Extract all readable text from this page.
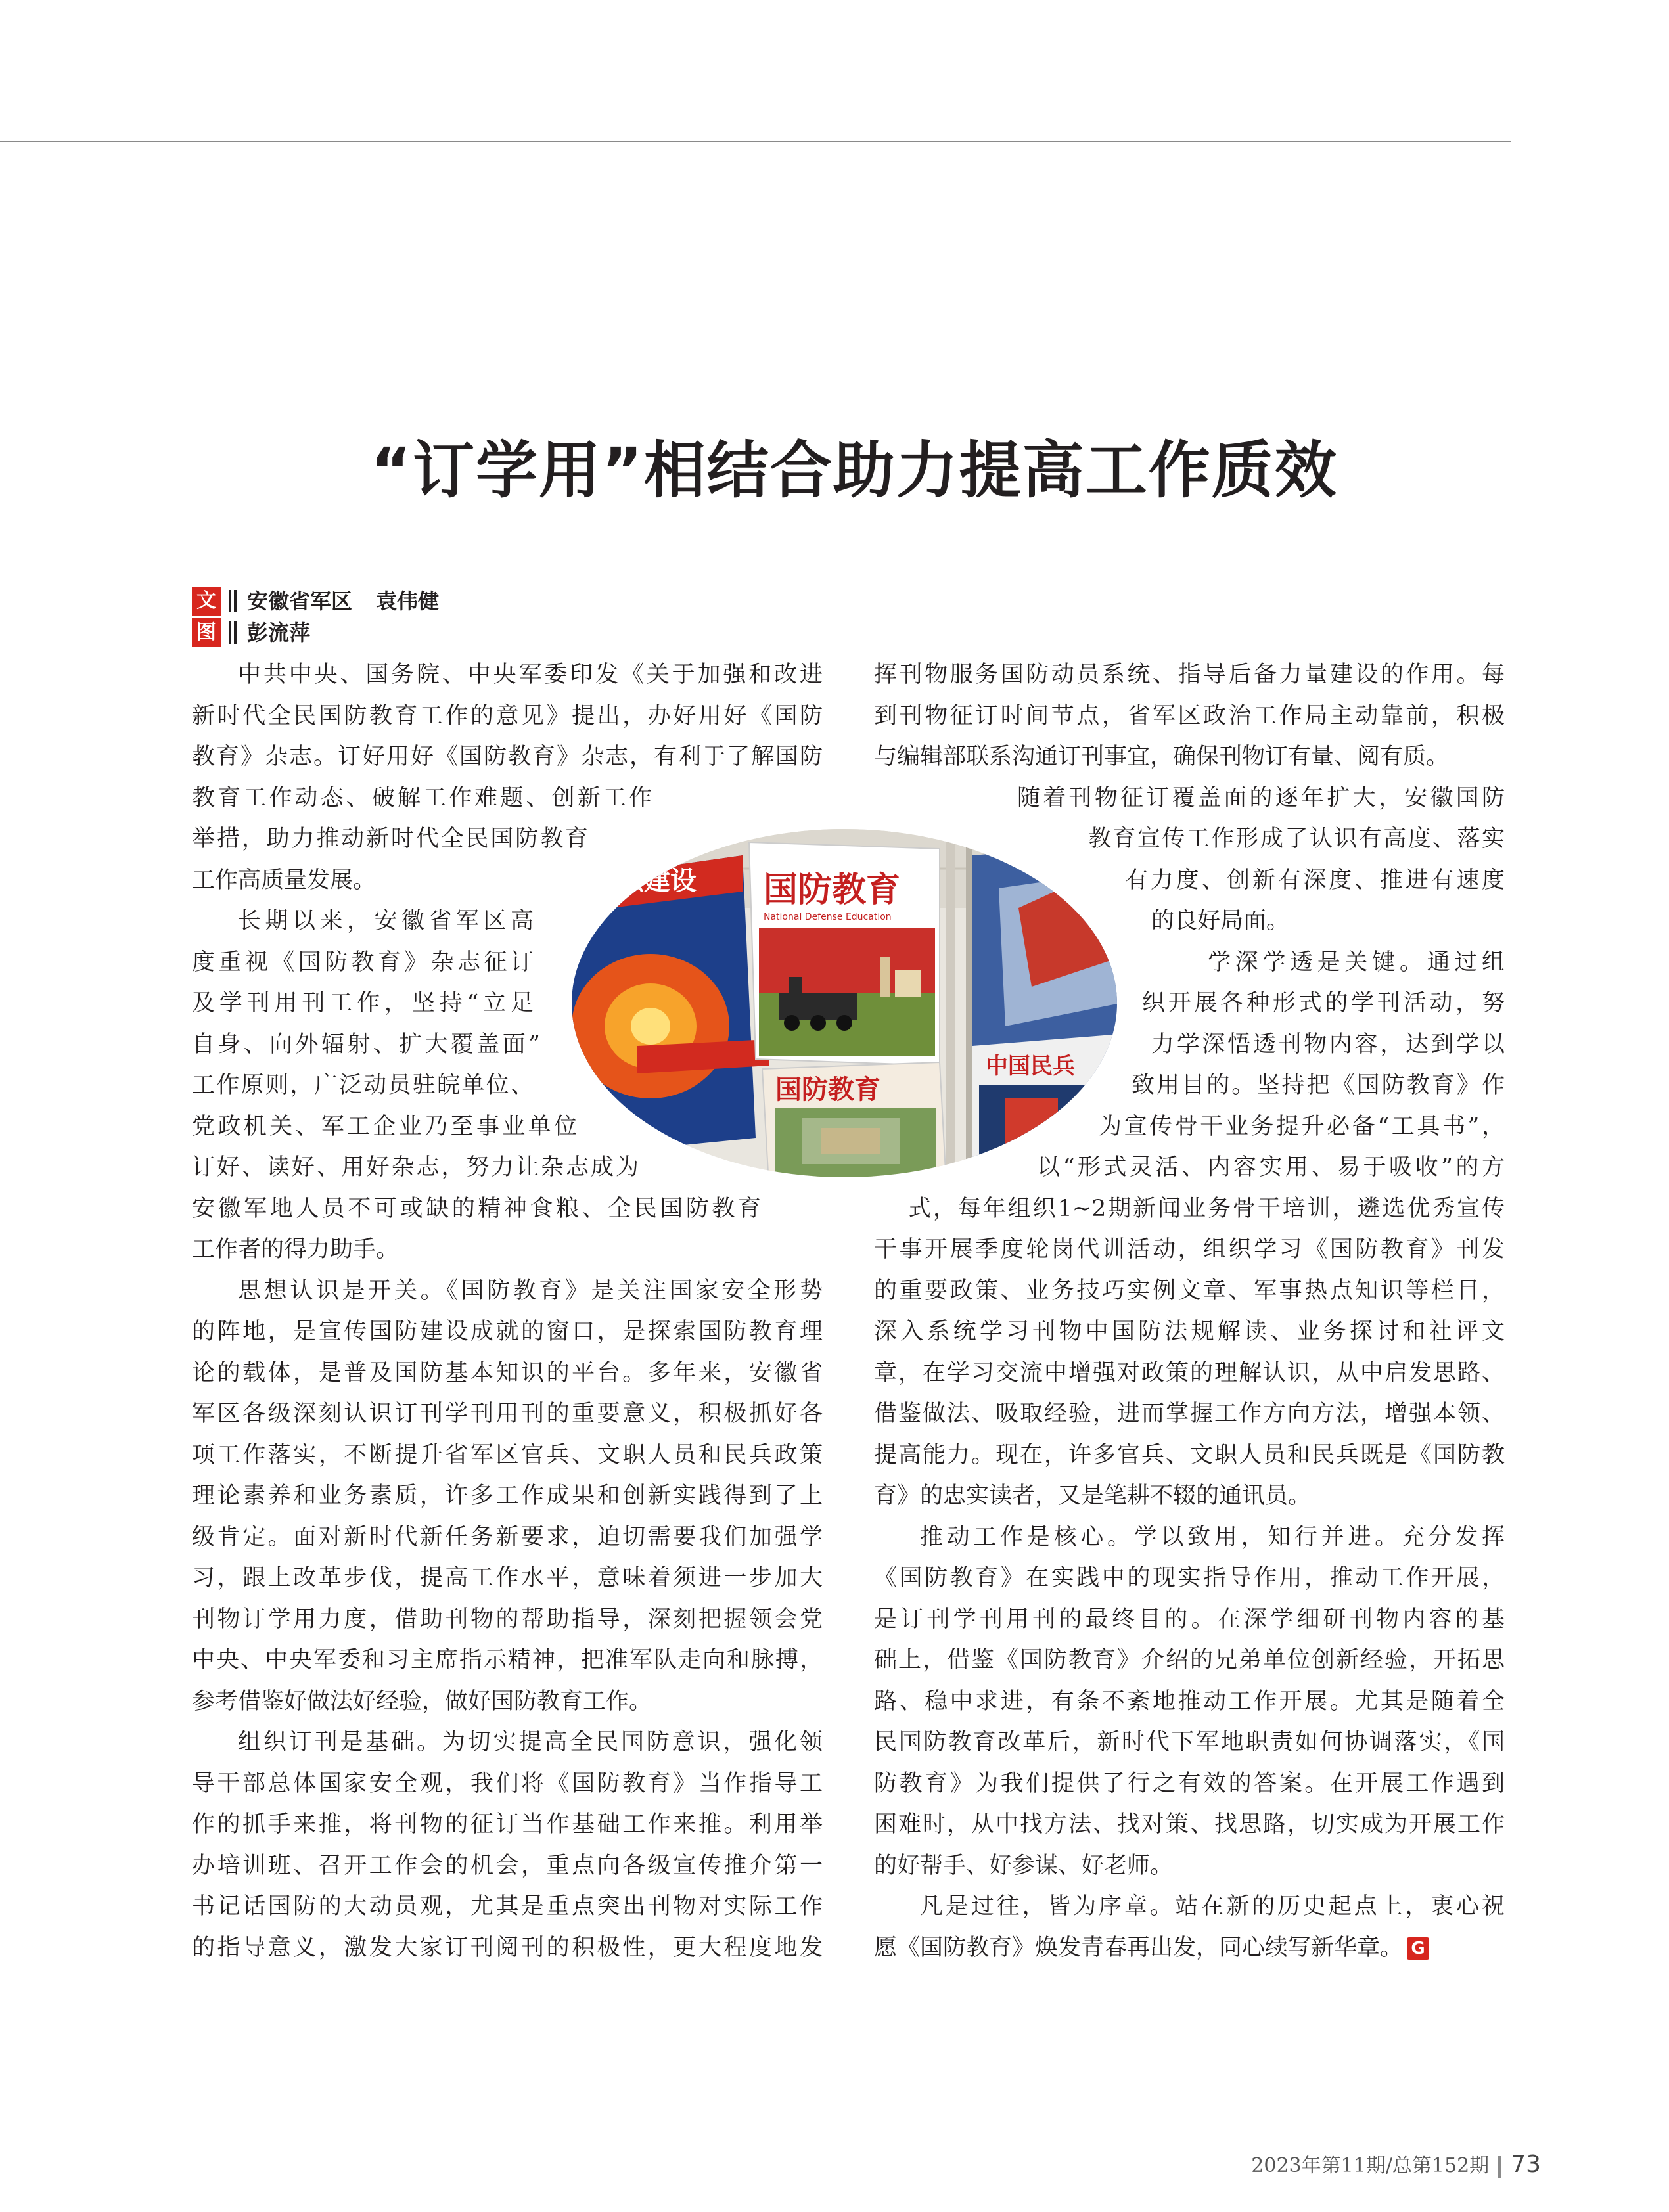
“订学用”相结合助力提高工作质效
文 安徽省军区 袁伟健
图 彭流萍
中共中央、国务院、中央军委印发《关于加强和改进
新时代全民国防教育工作的意见》提出，办好用好《国防
教育》杂志。订好用好《国防教育》杂志，有利于了解国防
教育工作动态、破解工作难题、创新工作
举措，助力推动新时代全民国防教育
工作高质量发展。
长期以来，安徽省军区高
度重视《国防教育》杂志征订
及学刊用刊工作，坚持“立足
自身、向外辐射、扩大覆盖面”
工作原则，广泛动员驻皖单位、
党政机关、军工企业乃至事业单位
订好、读好、用好杂志，努力让杂志成为
安徽军地人员不可或缺的精神食粮、全民国防教育
工作者的得力助手。
思想认识是开关。《国防教育》是关注国家安全形势
的阵地，是宣传国防建设成就的窗口，是探索国防教育理
论的载体，是普及国防基本知识的平台。多年来，安徽省
军区各级深刻认识订刊学刊用刊的重要意义，积极抓好各
项工作落实，不断提升省军区官兵、文职人员和民兵政策
理论素养和业务素质，许多工作成果和创新实践得到了上
级肯定。面对新时代新任务新要求，迫切需要我们加强学
习，跟上改革步伐，提高工作水平，意味着须进一步加大
刊物订学用力度，借助刊物的帮助指导，深刻把握领会党
中央、中央军委和习主席指示精神，把准军队走向和脉搏，
参考借鉴好做法好经验，做好国防教育工作。
组织订刊是基础。为切实提高全民国防意识，强化领
导干部总体国家安全观，我们将《国防教育》当作指导工
作的抓手来推，将刊物的征订当作基础工作来推。利用举
办培训班、召开工作会的机会，重点向各级宣传推介第一
书记话国防的大动员观，尤其是重点突出刊物对实际工作
的指导意义，激发大家订刊阅刊的积极性，更大程度地发
挥刊物服务国防动员系统、指导后备力量建设的作用。每
到刊物征订时间节点，省军区政治工作局主动靠前，积极
与编辑部联系沟通订刊事宜，确保刊物订有量、阅有质。
随着刊物征订覆盖面的逐年扩大，安徽国防
教育宣传工作形成了认识有高度、落实
有力度、创新有深度、推进有速度
的良好局面。
学深学透是关键。通过组
织开展各种形式的学刊活动，努
力学深悟透刊物内容，达到学以
致用目的。坚持把《国防教育》作
为宣传骨干业务提升必备“工具书”，
以“形式灵活、内容实用、易于吸收”的方
式，每年组织1~2期新闻业务骨干培训，遴选优秀宣传
干事开展季度轮岗代训活动，组织学习《国防教育》刊发
的重要政策、业务技巧实例文章、军事热点知识等栏目，
深入系统学习刊物中国防法规解读、业务探讨和社评文
章，在学习交流中增强对政策的理解认识，从中启发思路、
借鉴做法、吸取经验，进而掌握工作方向方法，增强本领、
提高能力。现在，许多官兵、文职人员和民兵既是《国防教
育》的忠实读者，又是笔耕不辍的通讯员。
推动工作是核心。学以致用，知行并进。充分发挥
《国防教育》在实践中的现实指导作用，推动工作开展，
是订刊学刊用刊的最终目的。在深学细研刊物内容的基
础上，借鉴《国防教育》介绍的兄弟单位创新经验，开拓思
路、稳中求进，有条不紊地推动工作开展。尤其是随着全
民国防教育改革后，新时代下军地职责如何协调落实，《国
防教育》为我们提供了行之有效的答案。在开展工作遇到
困难时，从中找方法、找对策、找思路，切实成为开展工作
的好帮手、好参谋、好老师。
凡是过往，皆为序章。站在新的历史起点上，衷心祝
愿《国防教育》焕发青春再出发，同心续写新华章。 G
基层建设 国防教育
National Defense Education
国防教育
中国民兵
2023年第11期/总第152期 73
